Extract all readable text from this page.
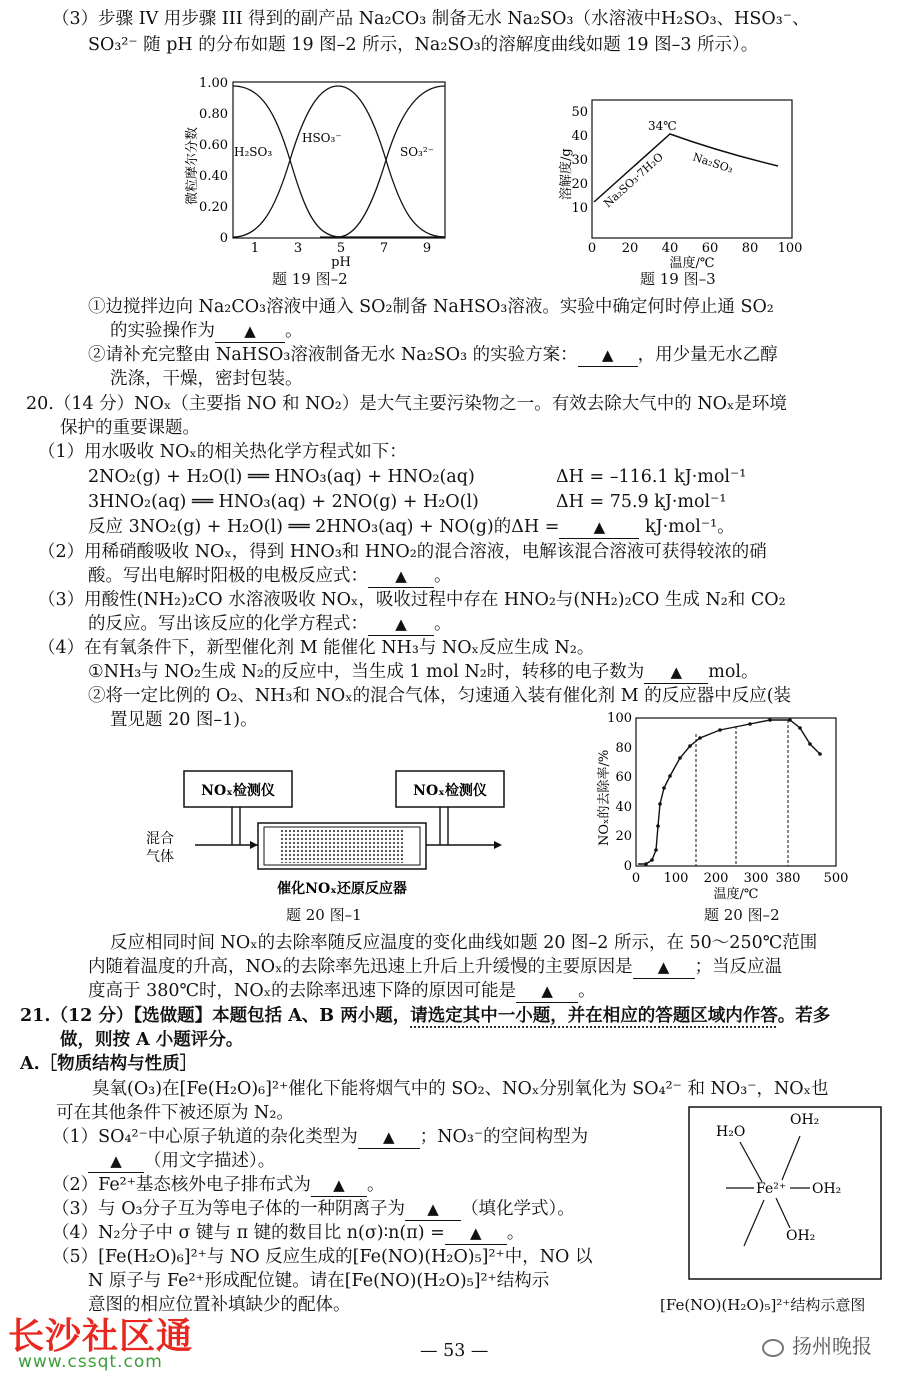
（3）步骤 IV 用步骤 III 得到的副产品 Na₂CO₃ 制备无水 Na₂SO₃（水溶液中H₂SO₃、HSO₃⁻、
SO₃²⁻ 随 pH 的分布如题 19 图–2 所示，Na₂SO₃的溶解度曲线如题 19 图–3 所示）。
1.00
0.80
0.60
0.40
0.20
0
1	3	5	7	9
pH
微粒摩尔分数	H₂SO₃
HSO₃⁻
SO₃²⁻
题 19 图–2
50
40
30
20
10
0 20 40 60 80 100
温度/℃
溶解度/g
34℃
Na₂SO₃·7H₂O Na₂SO₃
题 19 图–3
①边搅拌边向 Na₂CO₃溶液中通入 SO₂制备 NaHSO₃溶液。实验中确定何时停止通 SO₂
的实验操作为 ▲ 。
②请补充完整由 NaHSO₃溶液制备无水 Na₂SO₃ 的实验方案： ▲ ，用少量无水乙醇
洗涤，干燥，密封包装。
20.（14 分）NOₓ（主要指 NO 和 NO₂）是大气主要污染物之一。有效去除大气中的 NOₓ是环境
保护的重要课题。
（1）用水吸收 NOₓ的相关热化学方程式如下：
2NO₂(g) + H₂O(l) ══ HNO₃(aq) + HNO₂(aq)	ΔH = –116.1 kJ·mol⁻¹
3HNO₂(aq) ══ HNO₃(aq) + 2NO(g) + H₂O(l)	ΔH = 75.9 kJ·mol⁻¹
反应 3NO₂(g) + H₂O(l) ══ 2HNO₃(aq) + NO(g)的ΔH = ▲ kJ·mol⁻¹。
（2）用稀硝酸吸收 NOₓ，得到 HNO₃和 HNO₂的混合溶液，电解该混合溶液可获得较浓的硝
酸。写出电解时阳极的电极反应式： ▲ 。
（3）用酸性(NH₂)₂CO 水溶液吸收 NOₓ，吸收过程中存在 HNO₂与(NH₂)₂CO 生成 N₂和 CO₂
的反应。写出该反应的化学方程式： ▲ 。
（4）在有氧条件下，新型催化剂 M 能催化 NH₃与 NOₓ反应生成 N₂。
①NH₃与 NO₂生成 N₂的反应中，当生成 1 mol N₂时，转移的电子数为 ▲ mol。
②将一定比例的 O₂、NH₃和 NOₓ的混合气体，匀速通入装有催化剂 M 的反应器中反应(装
置见题 20 图–1)。
NOₓ检测仪	NOₓ检测仪
催化NOₓ还原反应器
混合
气体
题 20 图–1
100
80
60
40
20
0
0 100 200 300 380 500
温度/℃
NOₓ的去除率/%
题 20 图–2
反应相同时间 NOₓ的去除率随反应温度的变化曲线如题 20 图–2 所示，在 50～250℃范围
内随着温度的升高，NOₓ的去除率先迅速上升后上升缓慢的主要原因是 ▲ ；当反应温
度高于 380℃时，NOₓ的去除率迅速下降的原因可能是 ▲ 。
21.（12 分）【选做题】本题包括 A、B 两小题，请选定其中一小题，并在相应的答题区域内作答。若多
做，则按 A 小题评分。
A.［物质结构与性质］
臭氧(O₃)在[Fe(H₂O)₆]²⁺催化下能将烟气中的 SO₂、NOₓ分别氧化为 SO₄²⁻ 和 NO₃⁻，NOₓ也
可在其他条件下被还原为 N₂。
（1）SO₄²⁻中心原子轨道的杂化类型为 ▲ ；NO₃⁻的空间构型为
▲ （用文字描述）。
（2）Fe²⁺基态核外电子排布式为 ▲ 。
（3）与 O₃分子互为等电子体的一种阴离子为 ▲ （填化学式）。
（4）N₂分子中 σ 键与 π 键的数目比 n(σ)∶n(π) = ▲ 。
（5）[Fe(H₂O)₆]²⁺与 NO 反应生成的[Fe(NO)(H₂O)₅]²⁺中，NO 以
N 原子与 Fe²⁺形成配位键。请在[Fe(NO)(H₂O)₅]²⁺结构示
意图的相应位置补填缺少的配体。
H₂O
OH₂
Fe²⁺ OH₂
OH₂
[Fe(NO)(H₂O)₅]²⁺结构示意图
— 53 —
长沙社区通
www.cssqt.com
扬州晚报
